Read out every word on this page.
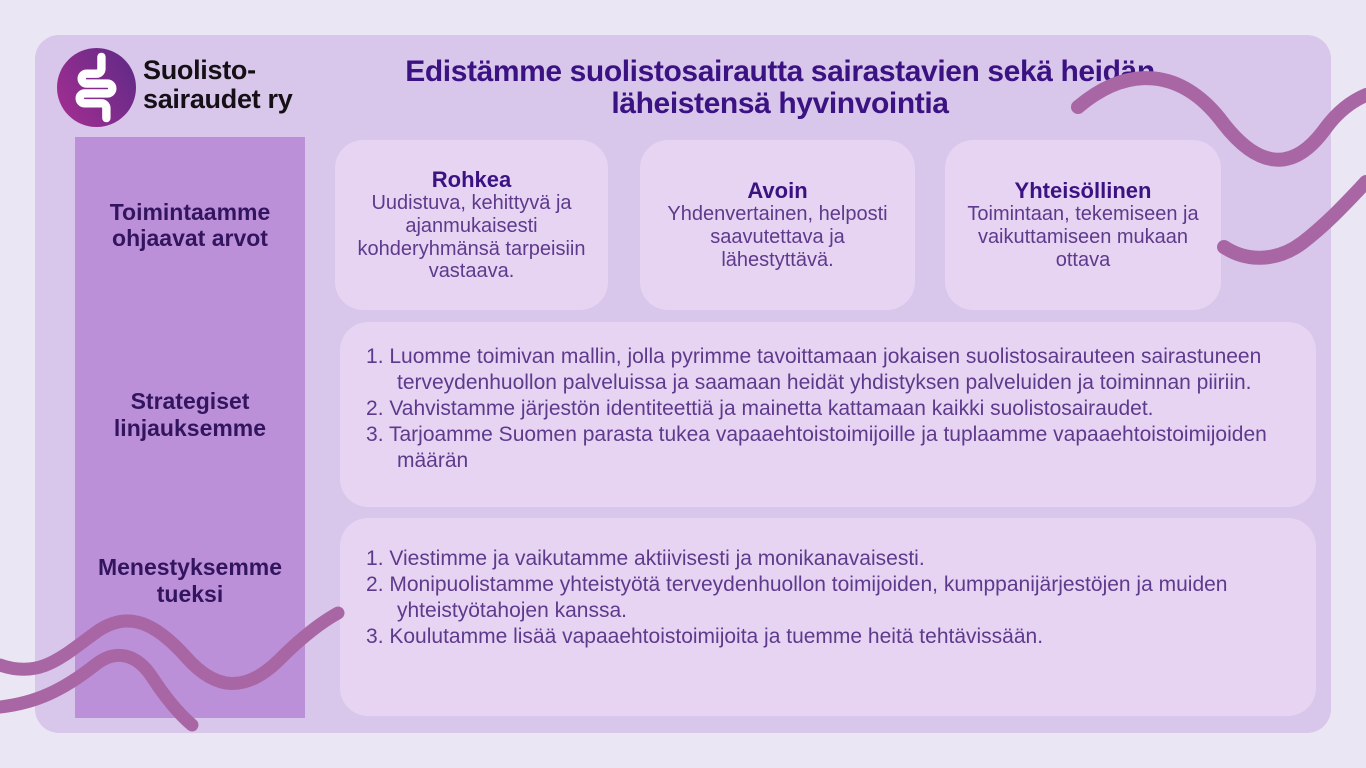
Suolisto-
sairaudet ry
Edistämme suolistosairautta sairastavien sekä heidän läheistensä hyvinvointia
Toimintaamme ohjaavat arvot
Strategiset linjauksemme
Menestyksemme tueksi
Rohkea
Uudistuva, kehittyvä ja ajanmukaisesti kohderyhmänsä tarpeisiin vastaava.
Avoin
Yhdenvertainen, helposti saavutettava ja lähestyttävä.
Yhteisöllinen
Toimintaan, tekemiseen ja vaikuttamiseen mukaan ottava
Luomme toimivan mallin, jolla pyrimme tavoittamaan jokaisen suolistosairauteen sairastuneen terveydenhuollon palveluissa ja saamaan heidät yhdistyksen palveluiden ja toiminnan piiriin.
Vahvistamme järjestön identiteettiä ja mainetta kattamaan kaikki suolistosairaudet.
Tarjoamme Suomen parasta tukea vapaaehtoistoimijoille ja tuplaamme vapaaehtoistoimijoiden määrän
Viestimme ja vaikutamme aktiivisesti ja monikanavaisesti.
Monipuolistamme yhteistyötä terveydenhuollon toimijoiden, kumppanijärjestöjen ja muiden yhteistyötahojen kanssa.
Koulutamme lisää vapaaehtoistoimijoita ja tuemme heitä tehtävissään.
